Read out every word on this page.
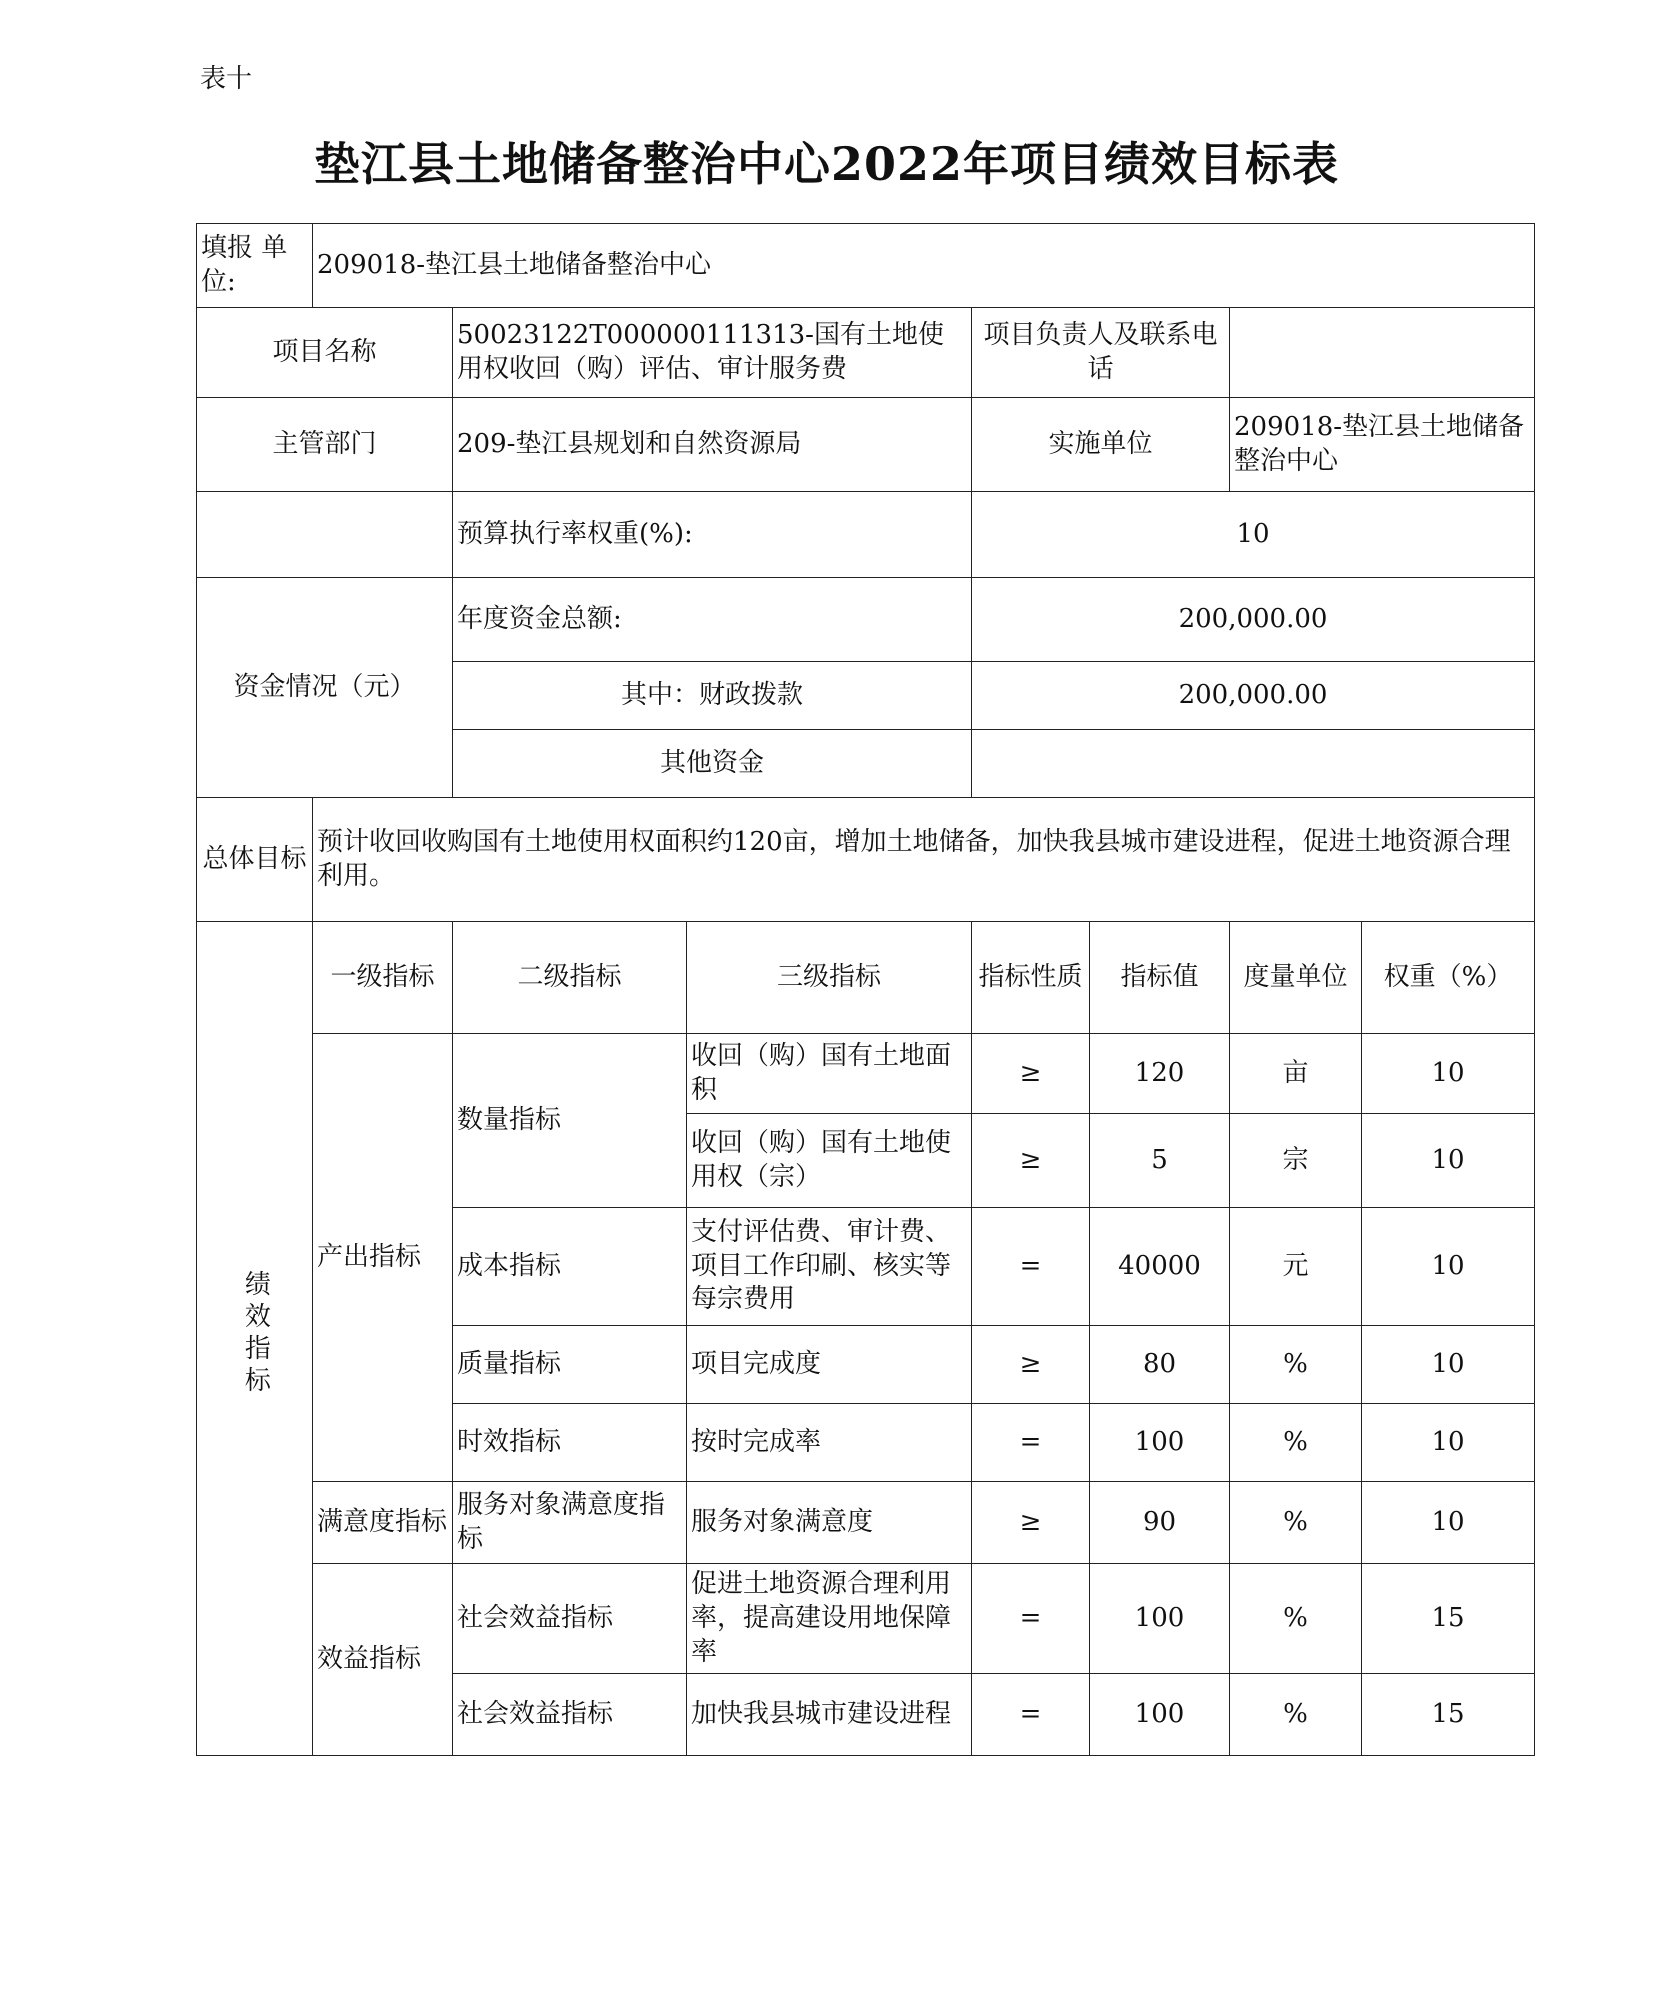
表十
垫江县土地储备整治中心2022年项目绩效目标表
填报 单位:	209018-垫江县土地储备整治中心						
项目名称		50023122T000000111313-国有土地使用权收回（购）评估、审计服务费		项目负责人及联系电话			
主管部门		209-垫江县规划和自然资源局		实施单位		209018-垫江县土地储备整治中心	
		预算执行率权重(%):		10			
资金情况（元）		年度资金总额:		200,000.00			
		其中：财政拨款		200,000.00			
		其他资金					
总体目标	预计收回收购国有土地使用权面积约120亩，增加土地储备，加快我县城市建设进程，促进土地资源合理利用。						
绩效指标	一级指标	二级指标	三级指标	指标性质	指标值	度量单位	权重（%）
	产出指标	数量指标	收回（购）国有土地面积	≥	120	亩	10
			收回（购）国有土地使用权（宗）	≥	5	宗	10
		成本指标	支付评估费、审计费、项目工作印刷、核实等每宗费用	=	40000	元	10
		质量指标	项目完成度	≥	80	%	10
		时效指标	按时完成率	=	100	%	10
	满意度指标	服务对象满意度指标	服务对象满意度	≥	90	%	10
	效益指标	社会效益指标	促进土地资源合理利用率，提高建设用地保障率	=	100	%	15
		社会效益指标	加快我县城市建设进程	=	100	%	15
